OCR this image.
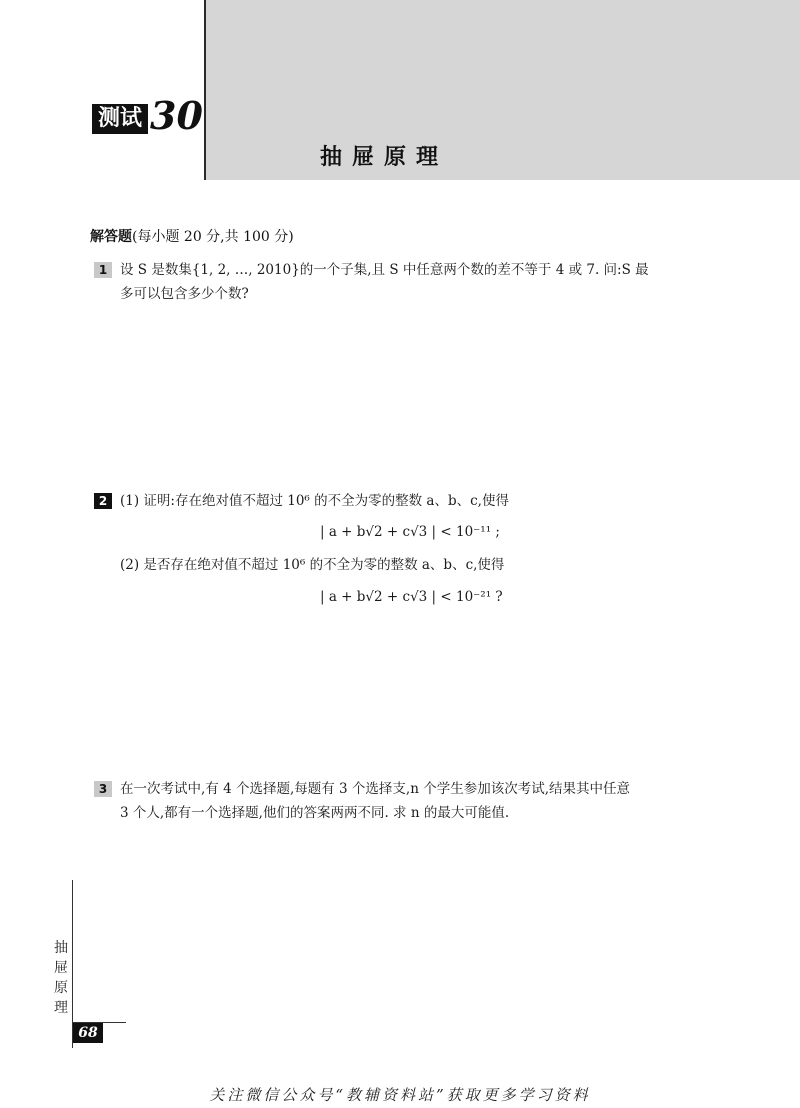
测试 30
抽屉原理
解答题(每小题 20 分,共 100 分)
1 设 S 是数集{1, 2, …, 2010}的一个子集,且 S 中任意两个数的差不等于 4 或 7. 问:S 最
多可以包含多少个数?
2 (1) 证明:存在绝对值不超过 10⁶ 的不全为零的整数 a、b、c,使得
| a + b√2 + c√3 | < 10⁻¹¹ ;
(2) 是否存在绝对值不超过 10⁶ 的不全为零的整数 a、b、c,使得
| a + b√2 + c√3 | < 10⁻²¹ ?
3 在一次考试中,有 4 个选择题,每题有 3 个选择支,n 个学生参加该次考试,结果其中任意
3 个人,都有一个选择题,他们的答案两两不同. 求 n 的最大可能值.
抽屉原理
68
关注微信公众号“教辅资料站”获取更多学习资料
